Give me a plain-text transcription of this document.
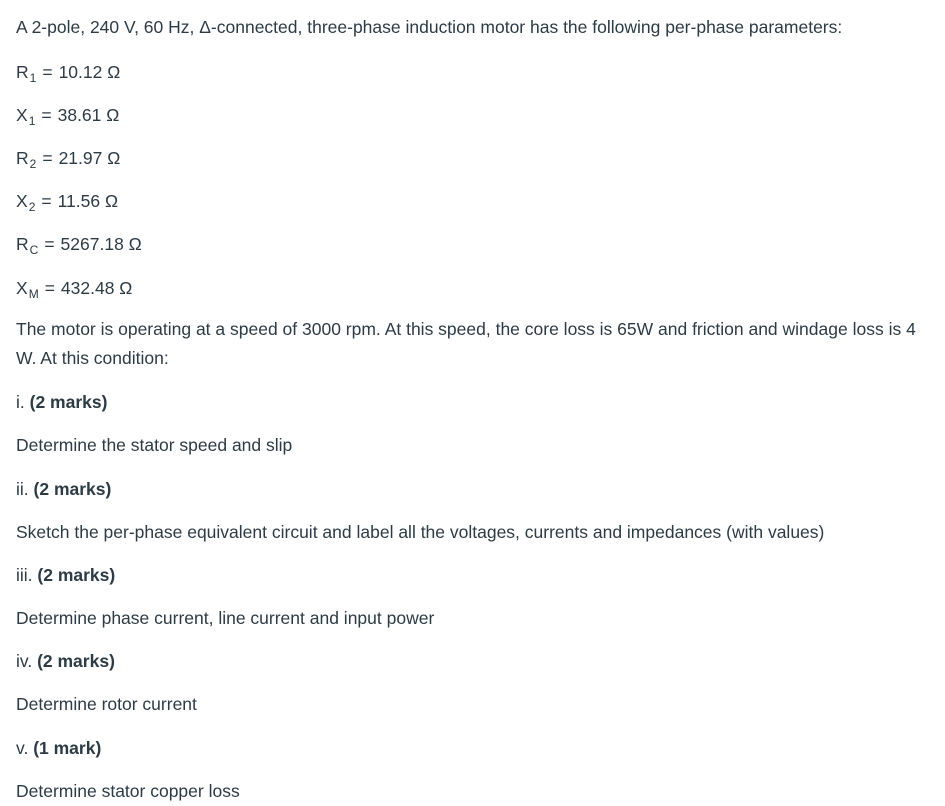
A 2-pole, 240 V, 60 Hz, Δ-connected, three-phase induction motor has the following per-phase parameters:
$R_1 = 10.12$ Ω
$X_1 = 38.61$ Ω
$R_2 = 21.97$ Ω
$X_2 = 11.56$ Ω
$R_C = 5267.18$ Ω
$X_M = 432.48$ Ω
The motor is operating at a speed of 3000 rpm. At this speed, the core loss is 65W and friction and windage loss is 4 W. At this condition:
i. (2 marks)
Determine the stator speed and slip
ii. (2 marks)
Sketch the per-phase equivalent circuit and label all the voltages, currents and impedances (with values)
iii. (2 marks)
Determine phase current, line current and input power
iv. (2 marks)
Determine rotor current
v. (1 mark)
Determine stator copper loss
